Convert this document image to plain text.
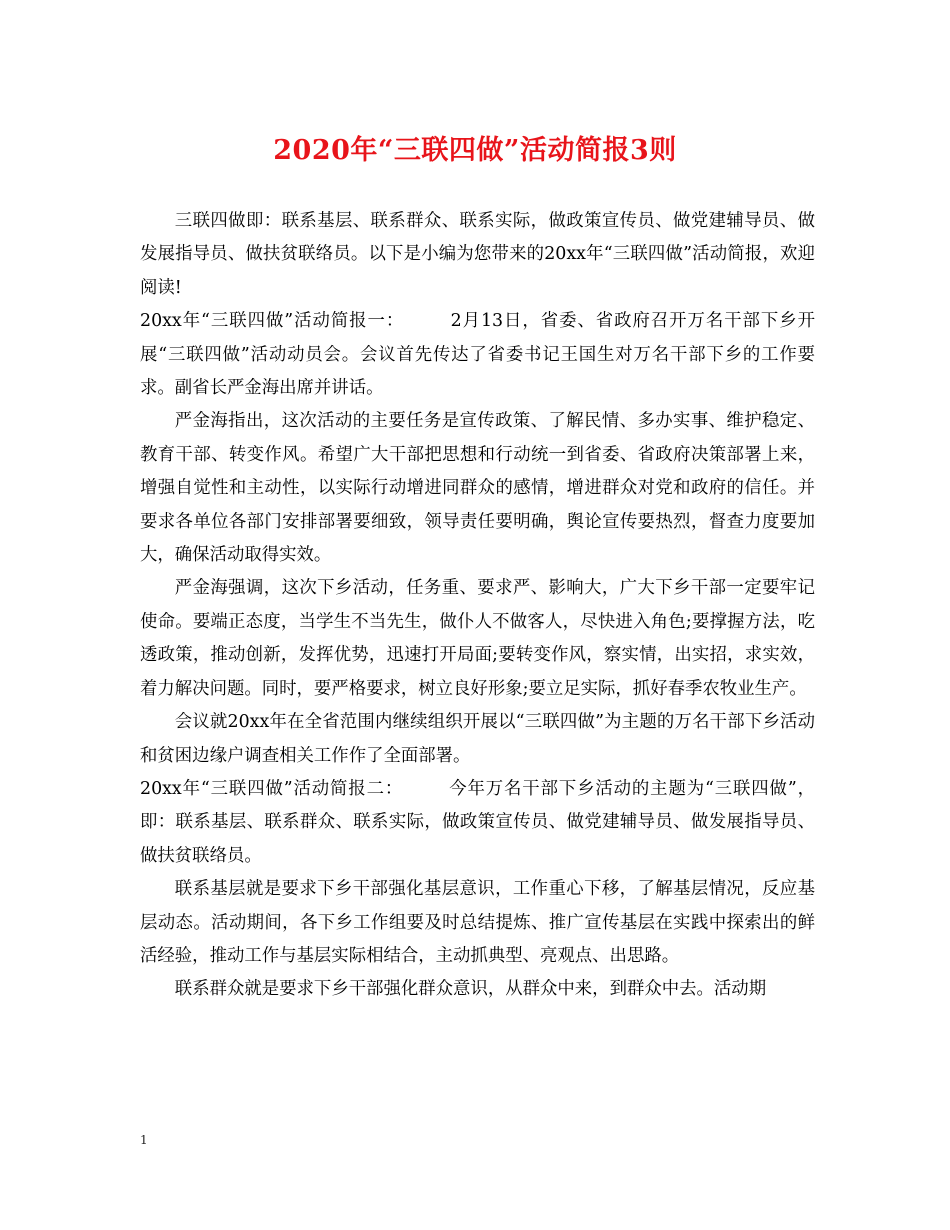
2020年“三联四做”活动简报3则

三联四做即：联系基层、联系群众、联系实际，做政策宣传员、做党建辅导员、做发展指导员、做扶贫联络员。以下是小编为您带来的20xx年“三联四做”活动简报，欢迎阅读!

20xx年“三联四做”活动简报一：　　　2月13日，省委、省政府召开万名干部下乡开展“三联四做”活动动员会。会议首先传达了省委书记王国生对万名干部下乡的工作要求。副省长严金海出席并讲话。

严金海指出，这次活动的主要任务是宣传政策、了解民情、多办实事、维护稳定、教育干部、转变作风。希望广大干部把思想和行动统一到省委、省政府决策部署上来，增强自觉性和主动性，以实际行动增进同群众的感情，增进群众对党和政府的信任。并要求各单位各部门安排部署要细致，领导责任要明确，舆论宣传要热烈，督查力度要加大，确保活动取得实效。

严金海强调，这次下乡活动，任务重、要求严、影响大，广大下乡干部一定要牢记使命。要端正态度，当学生不当先生，做仆人不做客人，尽快进入角色;要撑握方法，吃透政策，推动创新，发挥优势，迅速打开局面;要转变作风，察实情，出实招，求实效，着力解决问题。同时，要严格要求，树立良好形象;要立足实际，抓好春季农牧业生产。

会议就20xx年在全省范围内继续组织开展以“三联四做”为主题的万名干部下乡活动和贫困边缘户调查相关工作作了全面部署。

20xx年“三联四做”活动简报二：　　　今年万名干部下乡活动的主题为“三联四做”，即：联系基层、联系群众、联系实际，做政策宣传员、做党建辅导员、做发展指导员、做扶贫联络员。

联系基层就是要求下乡干部强化基层意识，工作重心下移，了解基层情况，反应基层动态。活动期间，各下乡工作组要及时总结提炼、推广宣传基层在实践中探索出的鲜活经验，推动工作与基层实际相结合，主动抓典型、亮观点、出思路。

联系群众就是要求下乡干部强化群众意识，从群众中来，到群众中去。活动期

1
